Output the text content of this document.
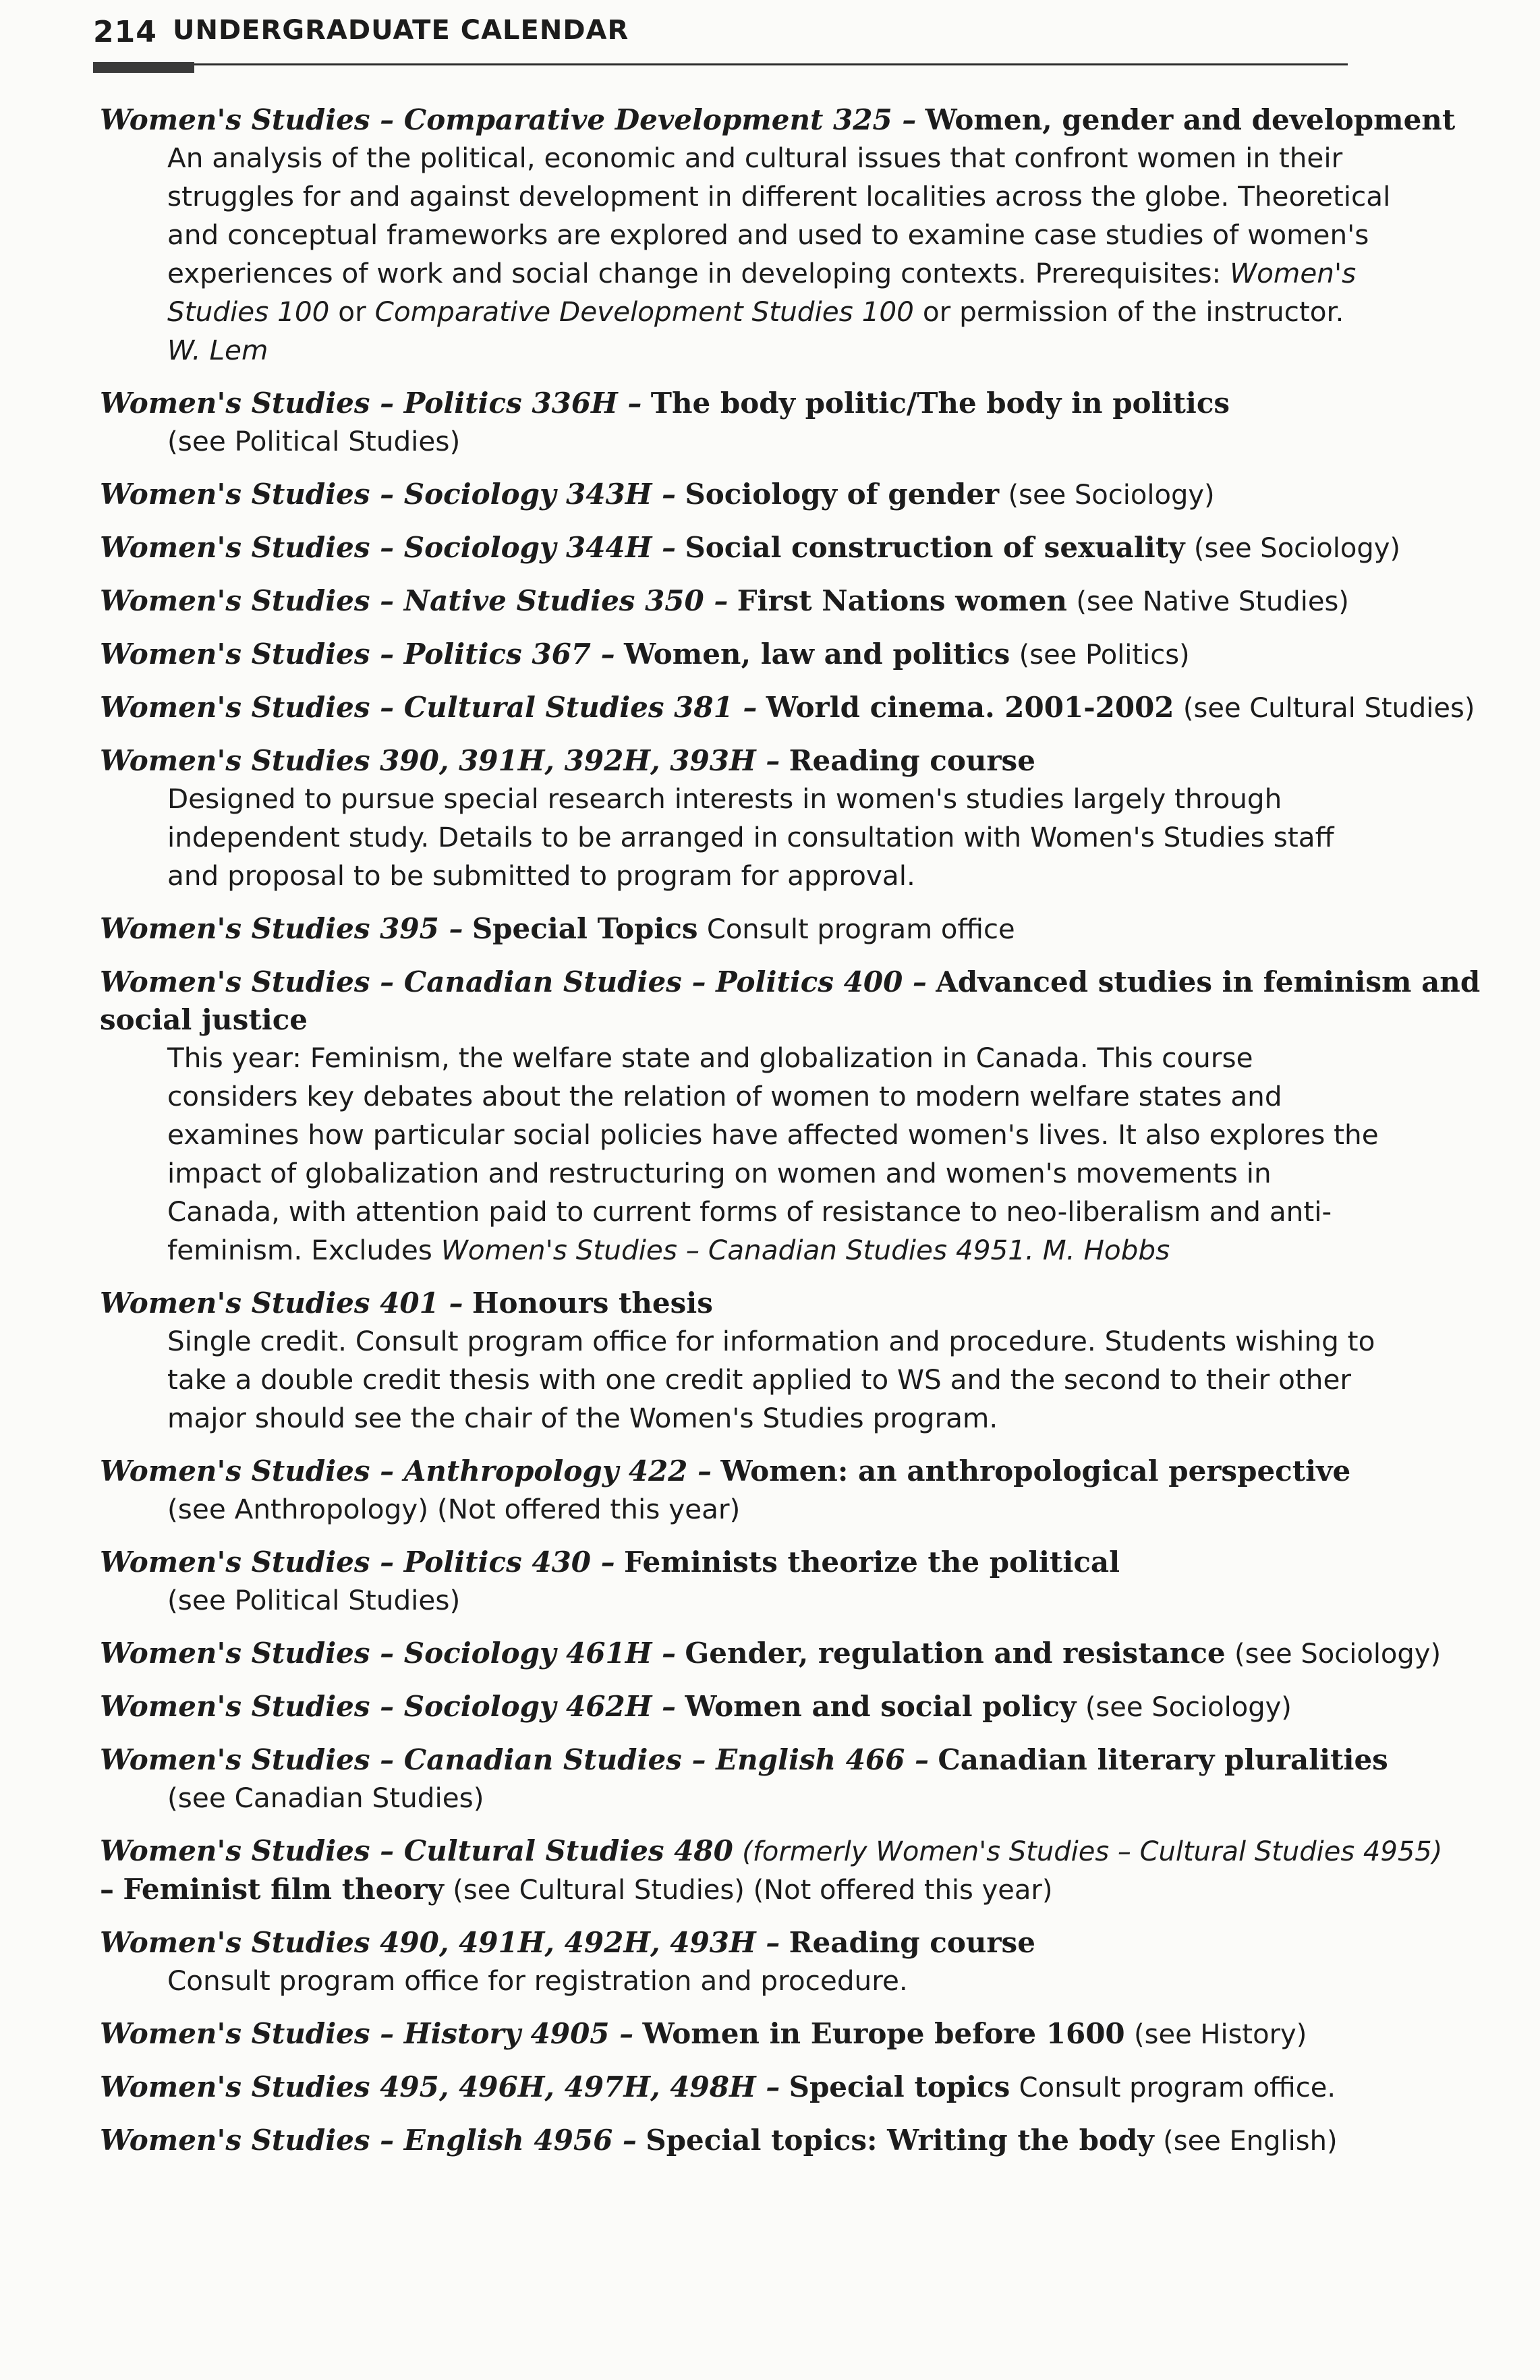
214 UNDERGRADUATE CALENDAR
Women's Studies – Comparative Development 325 – Women, gender and development
An analysis of the political, economic and cultural issues that confront women in their
struggles for and against development in different localities across the globe. Theoretical
and conceptual frameworks are explored and used to examine case studies of women's
experiences of work and social change in developing contexts. Prerequisites: Women's
Studies 100 or Comparative Development Studies 100 or permission of the instructor.
W. Lem
Women's Studies – Politics 336H – The body politic/The body in politics
(see Political Studies)
Women's Studies – Sociology 343H – Sociology of gender (see Sociology)
Women's Studies – Sociology 344H – Social construction of sexuality (see Sociology)
Women's Studies – Native Studies 350 – First Nations women (see Native Studies)
Women's Studies – Politics 367 – Women, law and politics (see Politics)
Women's Studies – Cultural Studies 381 – World cinema. 2001-2002 (see Cultural Studies)
Women's Studies 390, 391H, 392H, 393H – Reading course
Designed to pursue special research interests in women's studies largely through
independent study. Details to be arranged in consultation with Women's Studies staff
and proposal to be submitted to program for approval.
Women's Studies 395 – Special Topics Consult program office
Women's Studies – Canadian Studies – Politics 400 – Advanced studies in feminism and
social justice
This year: Feminism, the welfare state and globalization in Canada. This course
considers key debates about the relation of women to modern welfare states and
examines how particular social policies have affected women's lives. It also explores the
impact of globalization and restructuring on women and women's movements in
Canada, with attention paid to current forms of resistance to neo-liberalism and anti-
feminism. Excludes Women's Studies – Canadian Studies 4951. M. Hobbs
Women's Studies 401 – Honours thesis
Single credit. Consult program office for information and procedure. Students wishing to
take a double credit thesis with one credit applied to WS and the second to their other
major should see the chair of the Women's Studies program.
Women's Studies – Anthropology 422 – Women: an anthropological perspective
(see Anthropology) (Not offered this year)
Women's Studies – Politics 430 – Feminists theorize the political
(see Political Studies)
Women's Studies – Sociology 461H – Gender, regulation and resistance (see Sociology)
Women's Studies – Sociology 462H – Women and social policy (see Sociology)
Women's Studies – Canadian Studies – English 466 – Canadian literary pluralities
(see Canadian Studies)
Women's Studies – Cultural Studies 480 (formerly Women's Studies – Cultural Studies 4955)
– Feminist film theory (see Cultural Studies) (Not offered this year)
Women's Studies 490, 491H, 492H, 493H – Reading course
Consult program office for registration and procedure.
Women's Studies – History 4905 – Women in Europe before 1600 (see History)
Women's Studies 495, 496H, 497H, 498H – Special topics Consult program office.
Women's Studies – English 4956 – Special topics: Writing the body (see English)
